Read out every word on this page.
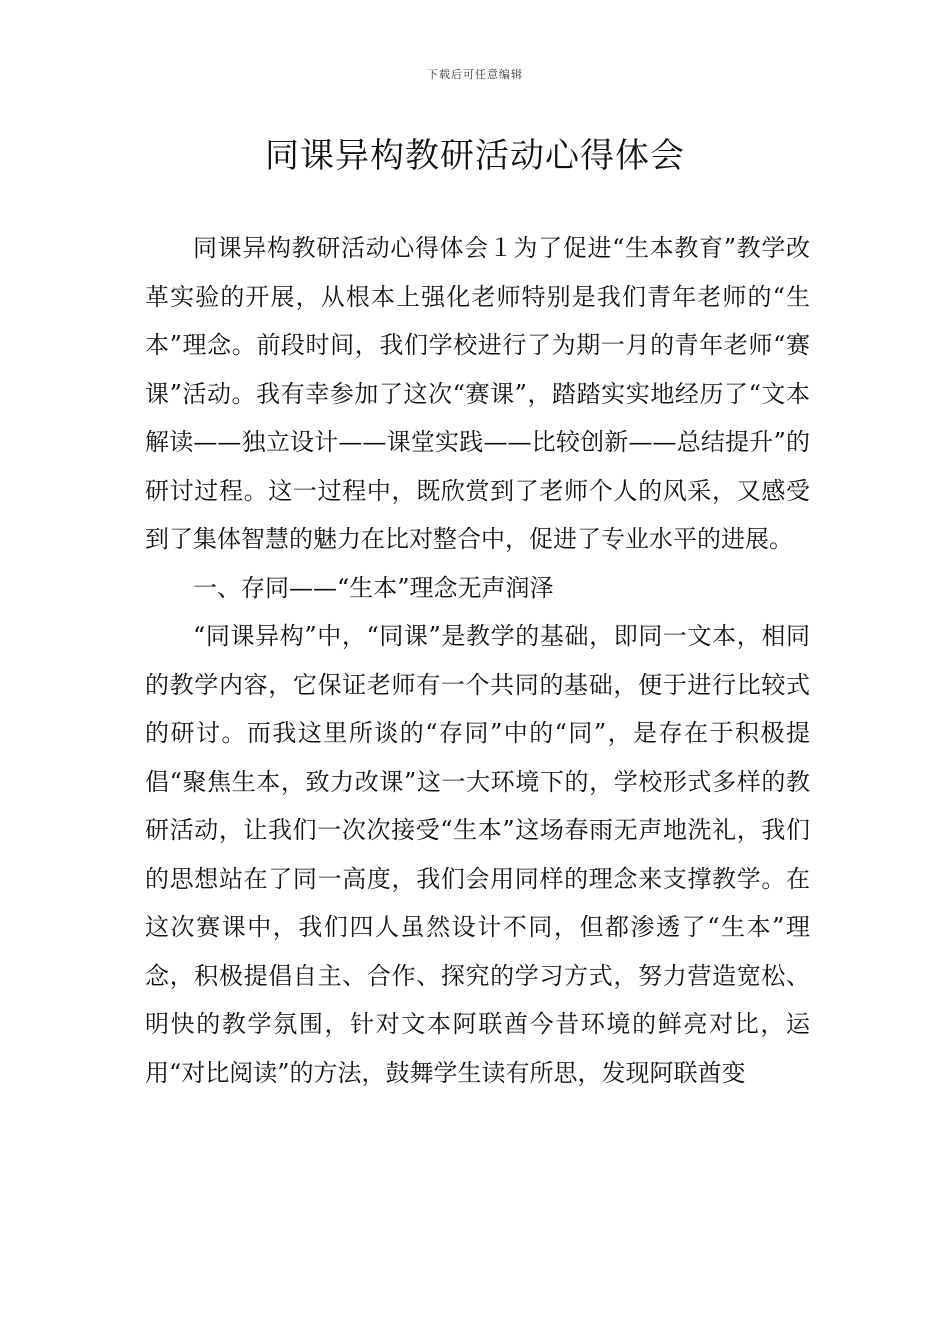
下载后可任意编辑
同课异构教研活动心得体会

同课异构教研活动心得体会１为了促进“生本教育”教学改革实验的开展，从根本上强化老师特别是我们青年老师的“生本”理念。前段时间，我们学校进行了为期一月的青年老师“赛课”活动。我有幸参加了这次“赛课”，踏踏实实地经历了“文本解读——独立设计——课堂实践——比较创新——总结提升”的研讨过程。这一过程中，既欣赏到了老师个人的风采，又感受到了集体智慧的魅力在比对整合中，促进了专业水平的进展。

一、存同——“生本”理念无声润泽

“同课异构”中，“同课”是教学的基础，即同一文本，相同的教学内容，它保证老师有一个共同的基础，便于进行比较式的研讨。而我这里所谈的“存同”中的“同”，是存在于积极提倡“聚焦生本，致力改课”这一大环境下的，学校形式多样的教研活动，让我们一次次接受“生本”这场春雨无声地洗礼，我们的思想站在了同一高度，我们会用同样的理念来支撑教学。在这次赛课中，我们四人虽然设计不同，但都渗透了“生本”理念，积极提倡自主、合作、探究的学习方式，努力营造宽松、明快的教学氛围，针对文本阿联酋今昔环境的鲜亮对比，运用“对比阅读”的方法，鼓舞学生读有所思，发现阿联酋变
